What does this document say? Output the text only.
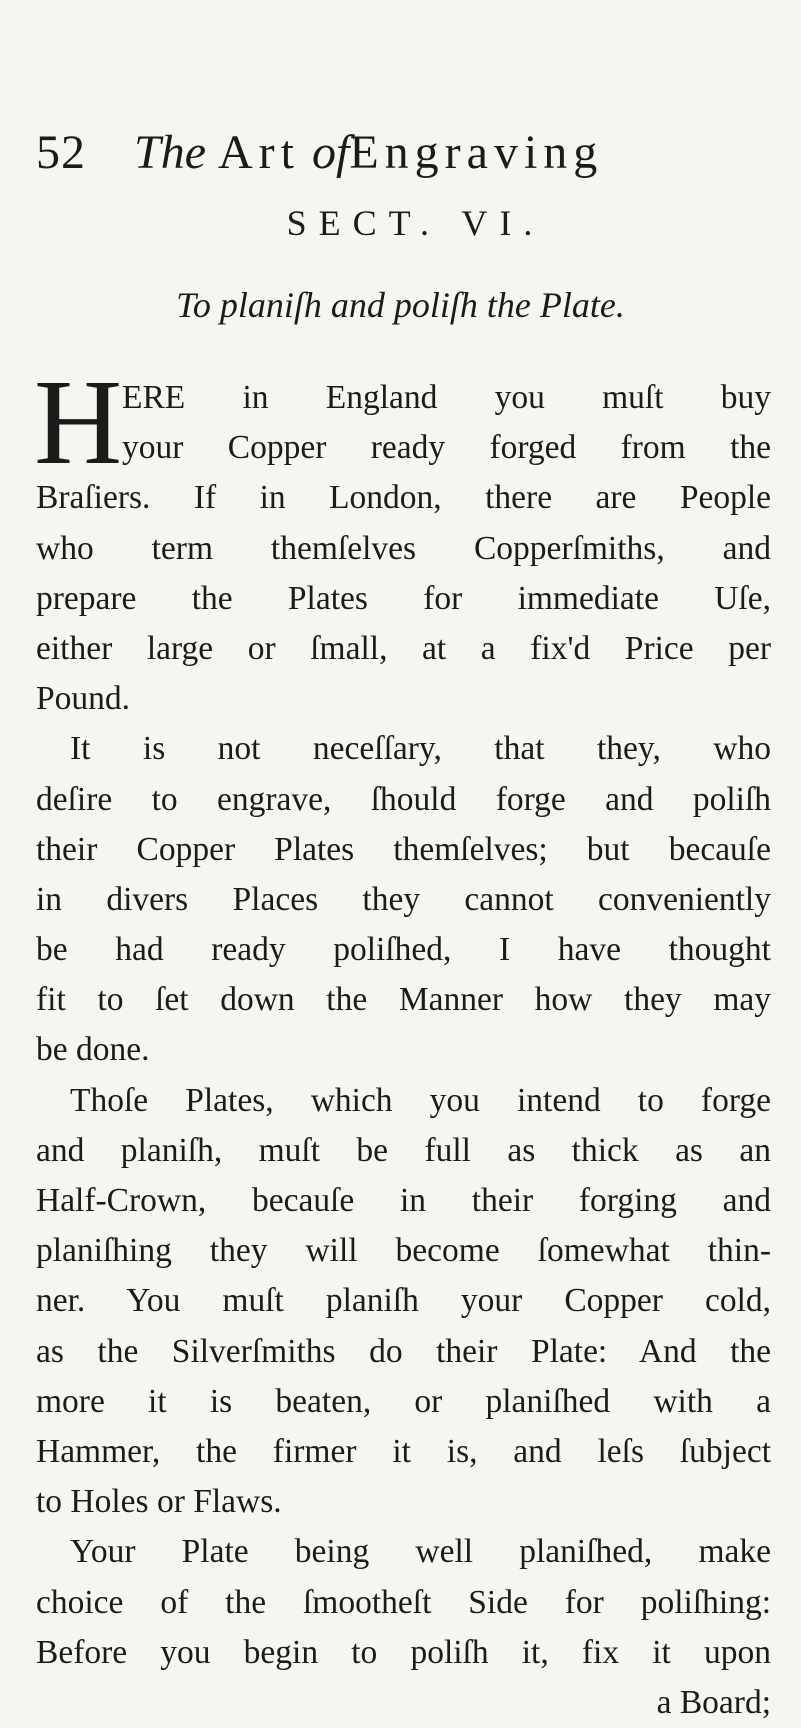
52 The Art ofEngraving
SECT. VI.
To planiſh and poliſh the Plate.
H ERE in England you muſt buy
your Copper ready forged from the
Braſiers. If in London, there are People
who term themſelves Copperſmiths, and
prepare the Plates for immediate Uſe,
either large or ſmall, at a fix'd Price per
Pound.
It is not neceſſary, that they, who
deſire to engrave, ſhould forge and poliſh
their Copper Plates themſelves; but becauſe
in divers Places they cannot conveniently
be had ready poliſhed, I have thought
fit to ſet down the Manner how they may
be done.
Thoſe Plates, which you intend to forge
and planiſh, muſt be full as thick as an
Half-Crown, becauſe in their forging and
planiſhing they will become ſomewhat thin-
ner. You muſt planiſh your Copper cold,
as the Silverſmiths do their Plate: And the
more it is beaten, or planiſhed with a
Hammer, the firmer it is, and leſs ſubject
to Holes or Flaws.
Your Plate being well planiſhed, make
choice of the ſmootheſt Side for poliſhing:
Before you begin to poliſh it, fix it upon
a Board;
